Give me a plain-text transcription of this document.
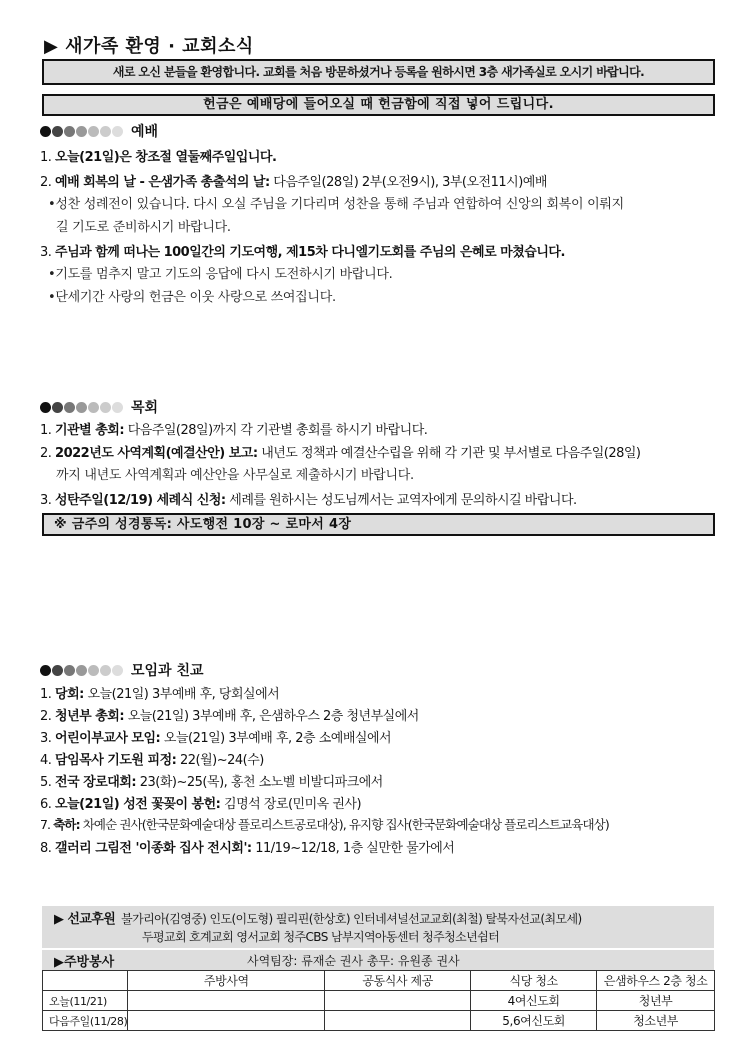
▶ 새가족 환영 · 교회소식
새로 오신 분들을 환영합니다. 교회를 처음 방문하셨거나 등록을 원하시면 3층 새가족실로 오시기 바랍니다.
헌금은 예배당에 들어오실 때 헌금함에 직접 넣어 드립니다.
예배
1. 오늘(21일)은 창조절 열둘째주일입니다.
2. 예배 회복의 날 - 은샘가족 총출석의 날: 다음주일(28일) 2부(오전9시), 3부(오전11시)예배
•성찬 성례전이 있습니다. 다시 오실 주님을 기다리며 성찬을 통해 주님과 연합하여 신앙의 회복이 이뤄지
길 기도로 준비하시기 바랍니다.
3. 주님과 함께 떠나는 100일간의 기도여행, 제15차 다니엘기도회를 주님의 은혜로 마쳤습니다.
•기도를 멈추지 말고 기도의 응답에 다시 도전하시기 바랍니다.
•단세기간 사랑의 헌금은 이웃 사랑으로 쓰여집니다.
목회
1. 기관별 총회: 다음주일(28일)까지 각 기관별 총회를 하시기 바랍니다.
2. 2022년도 사역계획(예결산안) 보고: 내년도 정책과 예결산수립을 위해 각 기관 및 부서별로 다음주일(28일)
까지 내년도 사역계획과 예산안을 사무실로 제출하시기 바랍니다.
3. 성탄주일(12/19) 세례식 신청: 세례를 원하시는 성도님께서는 교역자에게 문의하시길 바랍니다.
※ 금주의 성경통독: 사도행전 10장 ~ 로마서 4장
모임과 친교
1. 당회: 오늘(21일) 3부예배 후, 당회실에서
2. 청년부 총회: 오늘(21일) 3부예배 후, 은샘하우스 2층 청년부실에서
3. 어린이부교사 모임: 오늘(21일) 3부예배 후, 2층 소예배실에서
4. 담임목사 기도원 피정: 22(월)~24(수)
5. 전국 장로대회: 23(화)~25(목), 홍천 소노벨 비발디파크에서
6. 오늘(21일) 성전 꽃꽂이 봉헌: 김명석 장로(민미옥 권사)
7. 축하: 차예순 권사(한국문화예술대상 플로리스트공로대상), 유지향 집사(한국문화예술대상 플로리스트교육대상)
8. 갤러리 그림전 '이종화 집사 전시회': 11/19~12/18, 1층 실만한 물가에서
▶ 선교후원 불가리아(김영중) 인도(이도형) 필리핀(한상호) 인터네셔널선교교회(최철) 탈북자선교(최모세)
두평교회 호계교회 영서교회 청주CBS 남부지역아동센터 청주청소년쉼터
▶주방봉사	사역팀장: 류재순 권사 총무: 유원종 권사
	주방사역	공동식사 제공	식당 청소	은샘하우스 2층 청소
오늘(11/21)			4여신도회	청년부
다음주일(11/28)			5,6여신도회	청소년부
